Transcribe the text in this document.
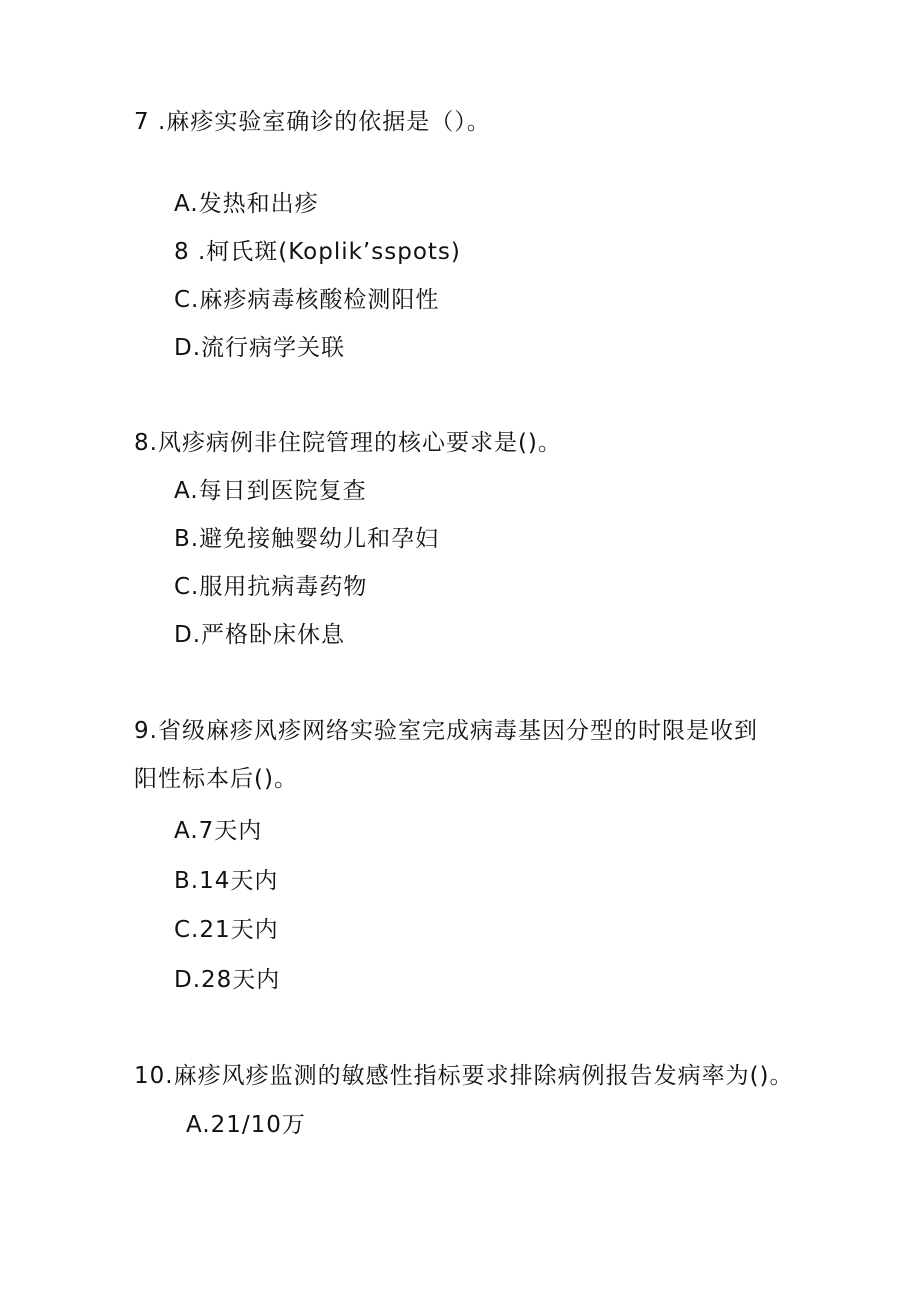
7 .麻疹实验室确诊的依据是（）。
A.发热和出疹
8 .柯氏斑(Koplik’sspots)
C.麻疹病毒核酸检测阳性
D.流行病学关联
8.风疹病例非住院管理的核心要求是()。
A.每日到医院复查
B.避免接触婴幼儿和孕妇
C.服用抗病毒药物
D.严格卧床休息
9.省级麻疹风疹网络实验室完成病毒基因分型的时限是收到
阳性标本后()。
A.7天内
B.14天内
C.21天内
D.28天内
10.麻疹风疹监测的敏感性指标要求排除病例报告发病率为()。
A.21/10万
